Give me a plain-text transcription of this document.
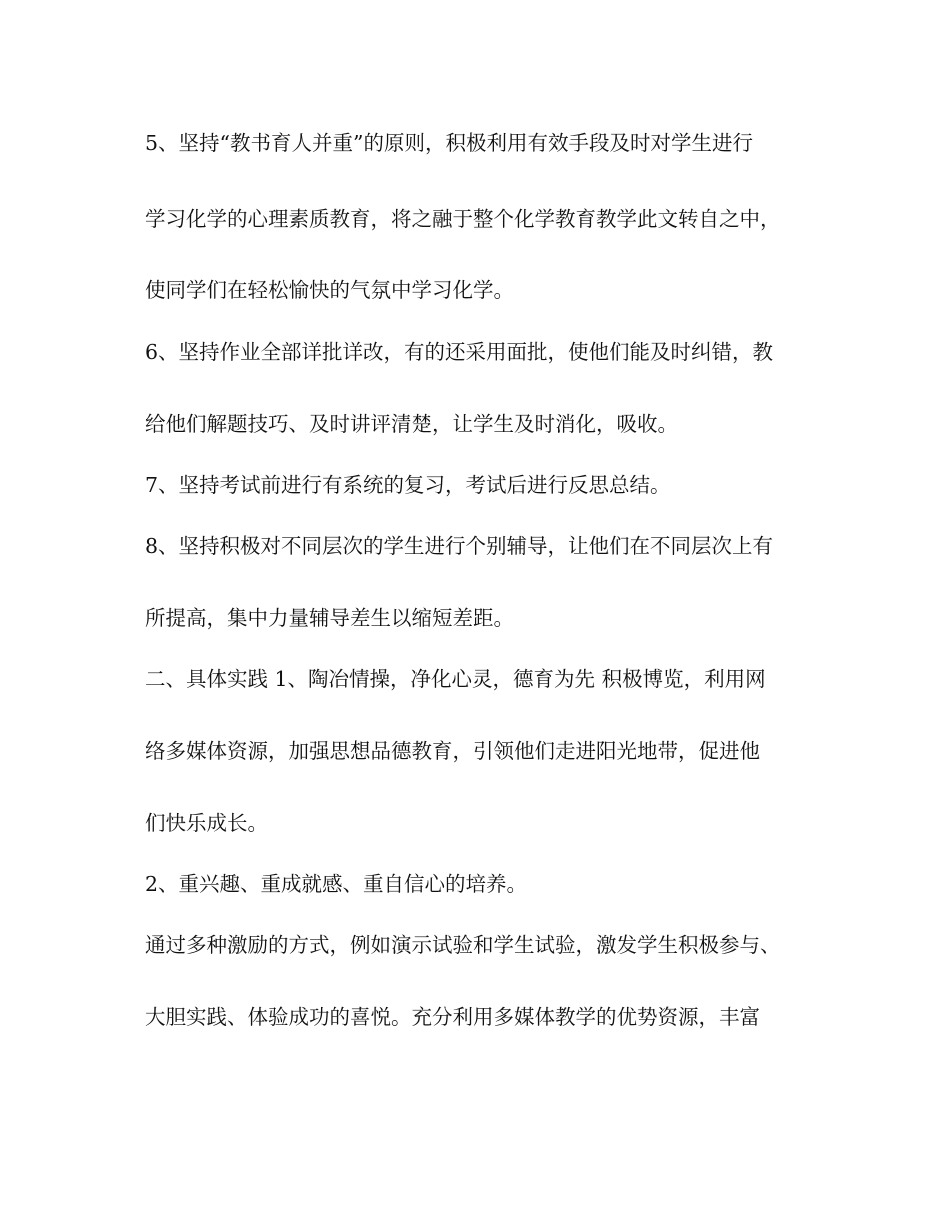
5、坚持“教书育人并重”的原则，积极利用有效手段及时对学生进行
学习化学的心理素质教育，将之融于整个化学教育教学此文转自之中，
使同学们在轻松愉快的气氛中学习化学。
6、坚持作业全部详批详改，有的还采用面批，使他们能及时纠错，教
给他们解题技巧、及时讲评清楚，让学生及时消化，吸收。
7、坚持考试前进行有系统的复习，考试后进行反思总结。
8、坚持积极对不同层次的学生进行个别辅导，让他们在不同层次上有
所提高，集中力量辅导差生以缩短差距。
二、具体实践 1、陶冶情操，净化心灵，德育为先 积极博览，利用网
络多媒体资源，加强思想品德教育，引领他们走进阳光地带，促进他
们快乐成长。
2、重兴趣、重成就感、重自信心的培养。
通过多种激励的方式，例如演示试验和学生试验，激发学生积极参与、
大胆实践、体验成功的喜悦。充分利用多媒体教学的优势资源，丰富
